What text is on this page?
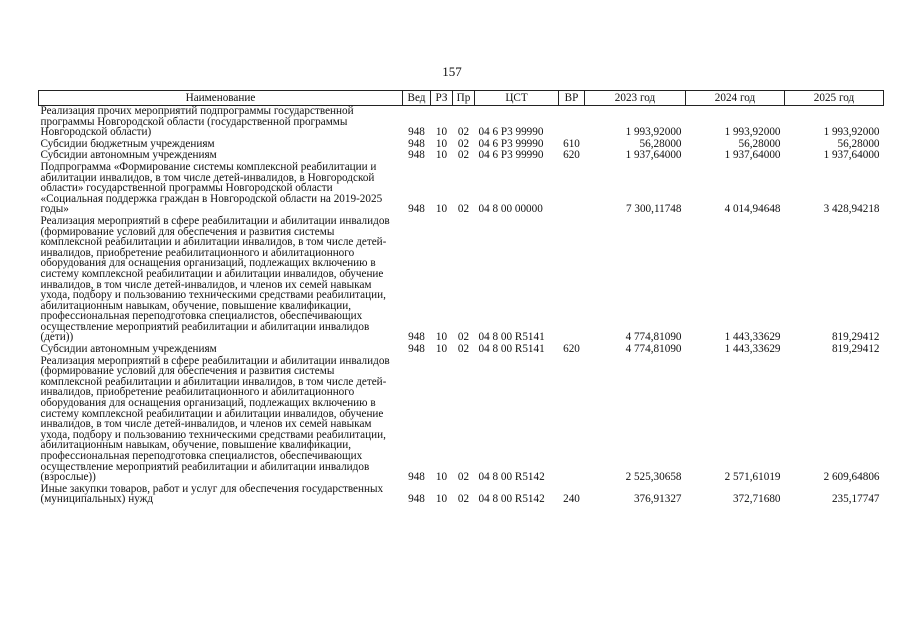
157
Наименование	Вед	РЗ	Пр	ЦСТ	ВР	2023 год	2024 год	2025 год
Реализация прочих мероприятий подпрограммы государственной программы Новгородской области (государственной программы Новгородской области)	948	10	02	04 6 Р3 99990		1 993,92000	1 993,92000	1 993,92000
Субсидии бюджетным учреждениям	948	10	02	04 6 Р3 99990	610	56,28000	56,28000	56,28000
Субсидии автономным учреждениям	948	10	02	04 6 Р3 99990	620	1 937,64000	1 937,64000	1 937,64000
Подпрограмма «Формирование системы комплексной реабилитации и абилитации инвалидов, в том числе детей-инвалидов, в Новгородской области» государственной программы Новгородской области «Социальная поддержка граждан в Новгородской области на 2019-2025 годы»	948	10	02	04 8 00 00000		7 300,11748	4 014,94648	3 428,94218
Реализация мероприятий в сфере реабилитации и абилитации инвалидов (формирование условий для обеспечения и развития системы комплексной реабилитации и абилитации инвалидов, в том числе детей-инвалидов, приобретение реабилитационного и абилитационного оборудования для оснащения организаций, подлежащих включению в систему комплексной реабилитации и абилитации инвалидов, обучение инвалидов, в том числе детей-инвалидов, и членов их семей навыкам ухода, подбору и пользованию техническими средствами реабилитации, абилитационным навыкам, обучение, повышение квалификации, профессиональная переподготовка специалистов, обеспечивающих осуществление мероприятий реабилитации и абилитации инвалидов (дети))	948	10	02	04 8 00 R5141		4 774,81090	1 443,33629	819,29412
Субсидии автономным учреждениям	948	10	02	04 8 00 R5141	620	4 774,81090	1 443,33629	819,29412
Реализация мероприятий в сфере реабилитации и абилитации инвалидов (формирование условий для обеспечения и развития системы комплексной реабилитации и абилитации инвалидов, в том числе детей-инвалидов, приобретение реабилитационного и абилитационного оборудования для оснащения организаций, подлежащих включению в систему комплексной реабилитации и абилитации инвалидов, обучение инвалидов, в том числе детей-инвалидов, и членов их семей навыкам ухода, подбору и пользованию техническими средствами реабилитации, абилитационным навыкам, обучение, повышение квалификации, профессиональная переподготовка специалистов, обеспечивающих осуществление мероприятий реабилитации и абилитации инвалидов (взрослые))	948	10	02	04 8 00 R5142		2 525,30658	2 571,61019	2 609,64806
Иные закупки товаров, работ и услуг для обеспечения государственных (муниципальных) нужд	948	10	02	04 8 00 R5142	240	376,91327	372,71680	235,17747
